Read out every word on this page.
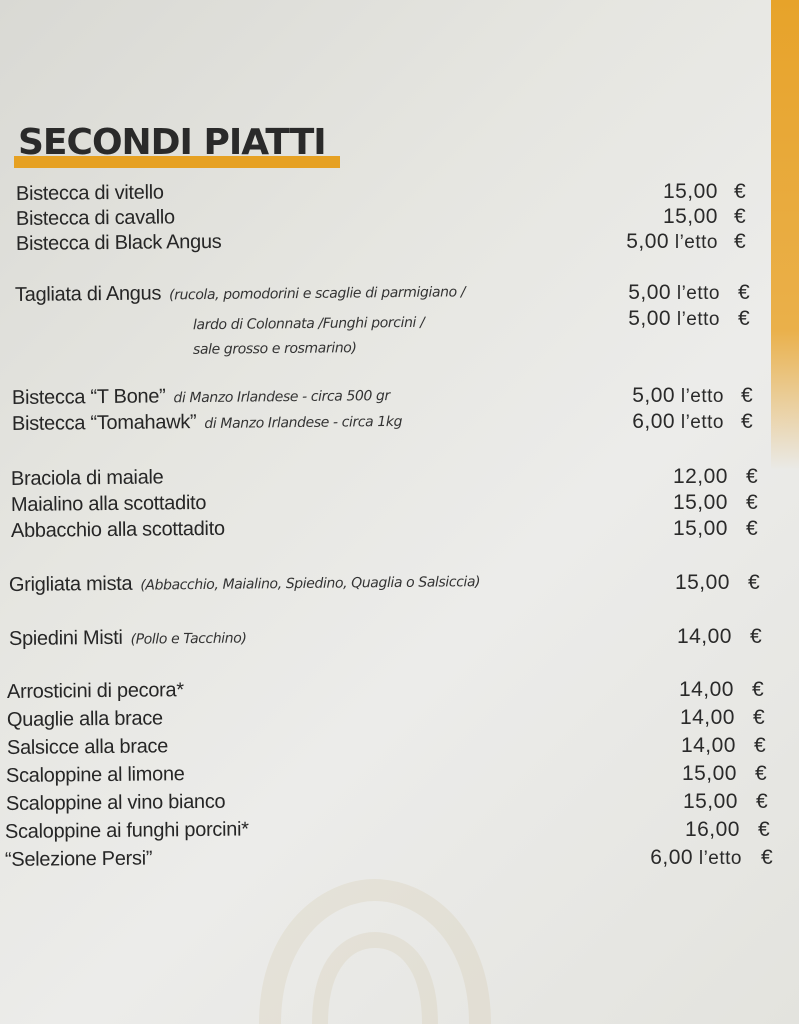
SECONDI PIATTI
Bistecca di vitello	15,00 €
Bistecca di cavallo	15,00 €
Bistecca di Black Angus	5,00 l’etto €
Tagliata di Angus (rucola, pomodorini e scaglie di parmigiano /	5,00 l’etto €
lardo di Colonnata /Funghi porcini /	5,00 l’etto €
sale grosso e rosmarino)
Bistecca “T Bone” di Manzo Irlandese - circa 500 gr	5,00 l’etto €
Bistecca “Tomahawk” di Manzo Irlandese - circa 1kg	6,00 l’etto €
Braciola di maiale	12,00 €
Maialino alla scottadito	15,00 €
Abbacchio alla scottadito	15,00 €
Grigliata mista (Abbacchio, Maialino, Spiedino, Quaglia o Salsiccia)	15,00 €
Spiedini Misti (Pollo e Tacchino)	14,00 €
Arrosticini di pecora*	14,00 €
Quaglie alla brace	14,00 €
Salsicce alla brace	14,00 €
Scaloppine al limone	15,00 €
Scaloppine al vino bianco	15,00 €
Scaloppine ai funghi porcini*	16,00 €
“Selezione Persi”	6,00 l’etto €
